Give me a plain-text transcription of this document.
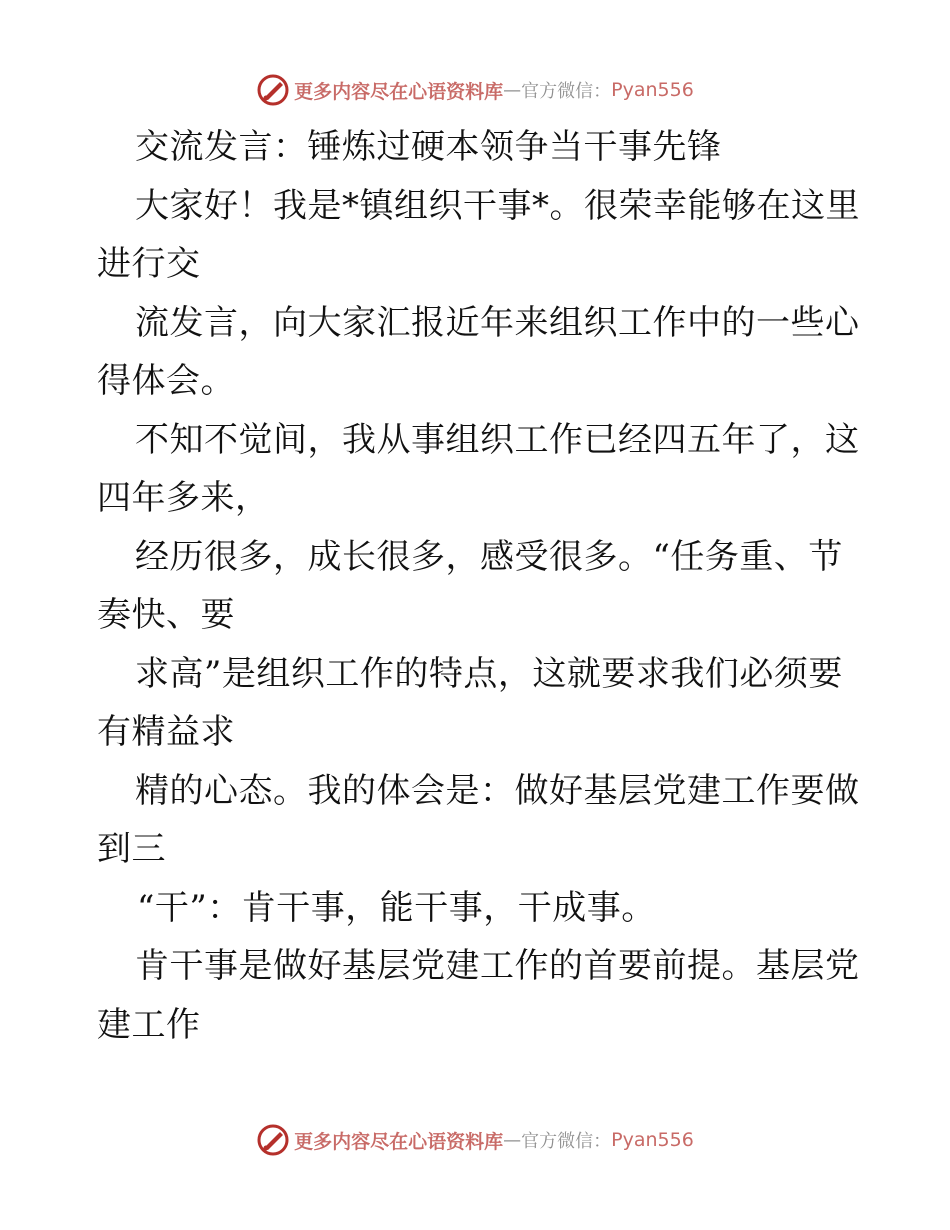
更多内容尽在心语资料库 — 官方微信： Pyan556
交流发言：锤炼过硬本领争当干事先锋
大家好！我是*镇组织干事*。很荣幸能够在这里
进行交
流发言，向大家汇报近年来组织工作中的一些心
得体会。
不知不觉间，我从事组织工作已经四五年了，这
四年多来，
经历很多，成长很多，感受很多。“任务重、节
奏快、要
求高”是组织工作的特点，这就要求我们必须要
有精益求
精的心态。我的体会是：做好基层党建工作要做
到三
“干”：肯干事，能干事，干成事。
肯干事是做好基层党建工作的首要前提。基层党
建工作
更多内容尽在心语资料库 — 官方微信： Pyan556
